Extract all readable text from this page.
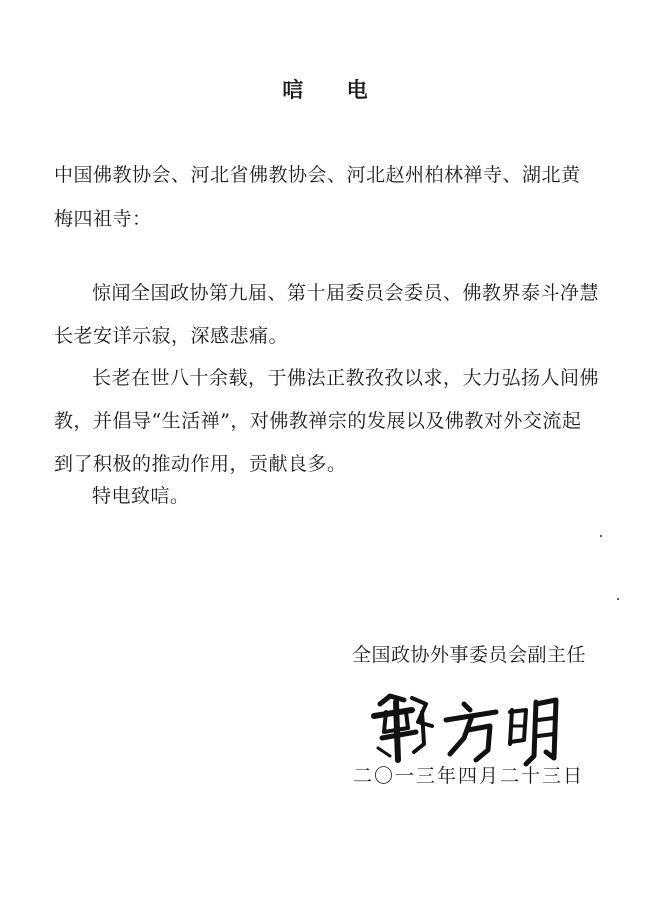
唁 电
中国佛教协会、河北省佛教协会、河北赵州柏林禅寺、湖北黄梅四祖寺：
惊闻全国政协第九届、第十届委员会委员、佛教界泰斗净慧长老安详示寂，深感悲痛。
长老在世八十余载，于佛法正教孜孜以求，大力弘扬人间佛教，并倡导“生活禅”，对佛教禅宗的发展以及佛教对外交流起到了积极的推动作用，贡献良多。
特电致唁。
全国政协外事委员会副主任
二〇一三年四月二十三日
